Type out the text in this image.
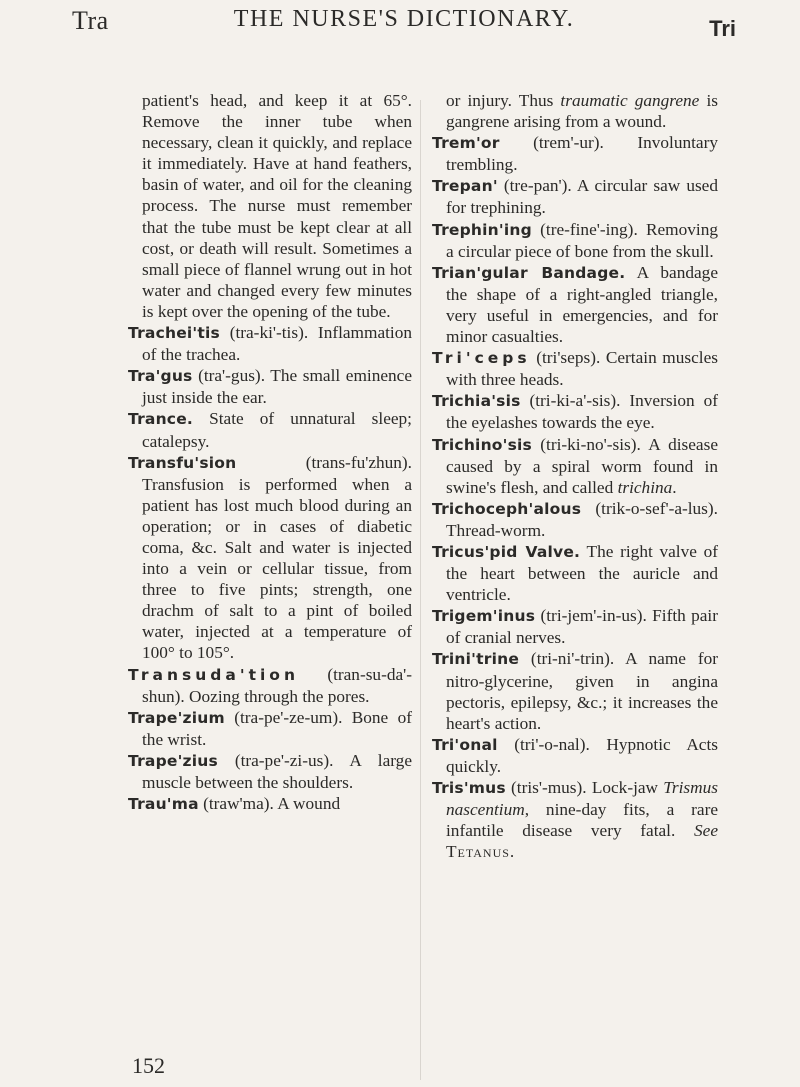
Tra	THE NURSE'S DICTIONARY.	Tri

patient's head, and keep it at 65°. Remove the inner tube when necessary, clean it quickly, and replace it immediately. Have at hand feathers, basin of water, and oil for the cleaning process. The nurse must remember that the tube must be kept clear at all cost, or death will result. Sometimes a small piece of flannel wrung out in hot water and changed every few minutes is kept over the opening of the tube.

Trachei'tis (tra-ki'-tis). Inflammation of the trachea.

Tra'gus (tra'-gus). The small eminence just inside the ear.

Trance. State of unnatural sleep; catalepsy.

Transfu'sion (trans-fu'zhun). Transfusion is performed when a patient has lost much blood during an operation; or in cases of diabetic coma, &c. Salt and water is injected into a vein or cellular tissue, from three to five pints; strength, one drachm of salt to a pint of boiled water, injected at a temperature of 100° to 105°.

Transuda'tion (tran-su-da'-shun). Oozing through the pores.

Trape'zium (tra-pe'-ze-um). Bone of the wrist.

Trape'zius (tra-pe'-zi-us). A large muscle between the shoulders.

Trau'ma (traw'ma). A wound

or injury. Thus traumatic gangrene is gangrene arising from a wound.

Trem'or (trem'-ur). Involuntary trembling.

Trepan' (tre-pan'). A circular saw used for trephining.

Trephin'ing (tre-fine'-ing). Removing a circular piece of bone from the skull.

Trian'gular Bandage. A bandage the shape of a right-angled triangle, very useful in emergencies, and for minor casualties.

Tri'ceps (tri'seps). Certain muscles with three heads.

Trichia'sis (tri-ki-a'-sis). Inversion of the eyelashes towards the eye.

Trichino'sis (tri-ki-no'-sis). A disease caused by a spiral worm found in swine's flesh, and called trichina.

Trichoceph'alous (trik-o-sef'-a-lus). Thread-worm.

Tricus'pid Valve. The right valve of the heart between the auricle and ventricle.

Trigem'inus (tri-jem'-in-us). Fifth pair of cranial nerves.

Trini'trine (tri-ni'-trin). A name for nitro-glycerine, given in angina pectoris, epilepsy, &c.; it increases the heart's action.

Tri'onal (tri'-o-nal). Hypnotic Acts quickly.

Tris'mus (tris'-mus). Lock-jaw Trismus nascentium, nine-day fits, a rare infantile disease very fatal. See Tetanus.

152
